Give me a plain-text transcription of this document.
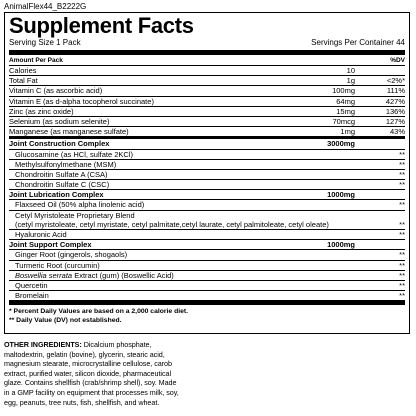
AnimalFlex44_B2222G
Supplement Facts
Serving Size 1 Pack	Servings Per Container 44
Amount Per Pack	%DV
Calories	10
Total Fat	1g	<2%*
Vitamin C (as ascorbic acid)	100mg	111%
Vitamin E (as d-alpha tocopherol succinate)	64mg	427%
Zinc (as zinc oxide)	15mg	136%
Selenium (as sodium selenite)	70mcg	127%
Manganese (as manganese sulfate)	1mg	43%
Joint Construction Complex	3000mg
Glucosamine (as HCl, sulfate 2KCl)	**
Methylsulfonylmethane (MSM)	**
Chondroitin Sulfate A (CSA)	**
Chondroitin Sulfate C (CSC)	**
Joint Lubrication Complex	1000mg
Flaxseed Oil (50% alpha linolenic acid)	**
Cetyl Myristoleate Proprietary Blend
(cetyl myristoleate, cetyl myristate, cetyl palmitate,cetyl laurate, cetyl palmitoleate, cetyl oleate)	**
Hyaluronic Acid	**
Joint Support Complex	1000mg
Ginger Root (gingerols, shogaols)	**
Turmeric Root (curcumin)	**
Boswellia serrata Extract (gum) (Boswellic Acid)	**
Quercetin	**
Bromelain	**
* Percent Daily Values are based on a 2,000 calorie diet.
** Daily Value (DV) not established.
OTHER INGREDIENTS: Dicalcium phosphate, maltodextrin, gelatin (bovine), glycerin, stearic acid, magnesium stearate, microcrystalline cellulose, carob extract, purified water, silicon dioxide, pharmaceutical glaze. Contains shellfish (crab/shrimp shell), soy. Made in a GMP facility on equipment that processes milk, soy, egg, peanuts, tree nuts, fish, shellfish, and wheat.
